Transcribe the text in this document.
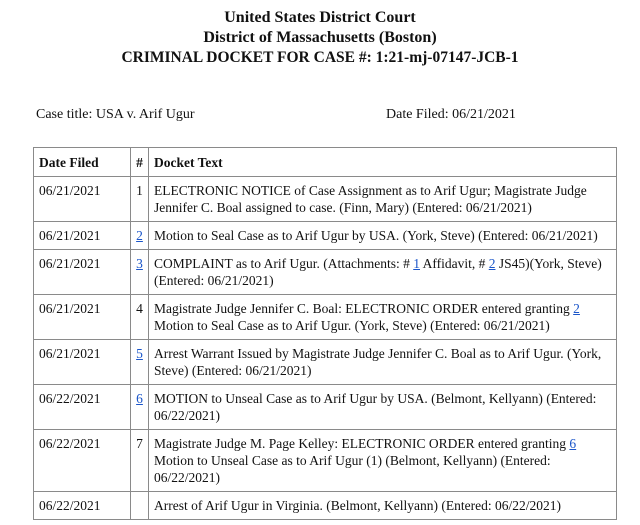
United States District Court
District of Massachusetts (Boston)
CRIMINAL DOCKET FOR CASE #: 1:21-mj-07147-JCB-1
Case title: USA v. Arif Ugur	Date Filed: 06/21/2021
Date Filed	#	Docket Text
06/21/2021	1	ELECTRONIC NOTICE of Case Assignment as to Arif Ugur; Magistrate Judge Jennifer C. Boal assigned to case. (Finn, Mary) (Entered: 06/21/2021)
06/21/2021	2	Motion to Seal Case as to Arif Ugur by USA. (York, Steve) (Entered: 06/21/2021)
06/21/2021	3	COMPLAINT as to Arif Ugur. (Attachments: # 1 Affidavit, # 2 JS45)(York, Steve) (Entered: 06/21/2021)
06/21/2021	4	Magistrate Judge Jennifer C. Boal: ELECTRONIC ORDER entered granting 2 Motion to Seal Case as to Arif Ugur. (York, Steve) (Entered: 06/21/2021)
06/21/2021	5	Arrest Warrant Issued by Magistrate Judge Jennifer C. Boal as to Arif Ugur. (York, Steve) (Entered: 06/21/2021)
06/22/2021	6	MOTION to Unseal Case as to Arif Ugur by USA. (Belmont, Kellyann) (Entered: 06/22/2021)
06/22/2021	7	Magistrate Judge M. Page Kelley: ELECTRONIC ORDER entered granting 6 Motion to Unseal Case as to Arif Ugur (1) (Belmont, Kellyann) (Entered: 06/22/2021)
06/22/2021		Arrest of Arif Ugur in Virginia. (Belmont, Kellyann) (Entered: 06/22/2021)
